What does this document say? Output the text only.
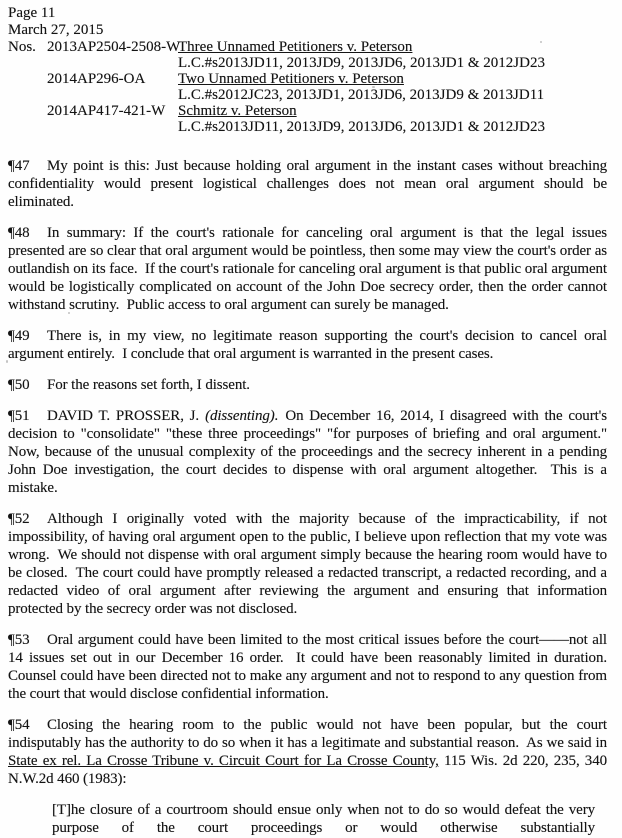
Page 11
March 27, 2015
Nos. 2013AP2504-2508-W
Three Unnamed Petitioners v. Peterson
L.C.#s2013JD11, 2013JD9, 2013JD6, 2013JD1 & 2012JD23
2014AP296-OA	Two Unnamed Petitioners v. Peterson
L.C.#s2012JC23, 2013JD1, 2013JD6, 2013JD9 & 2013JD11
2014AP417-421-W Schmitz v. Peterson
L.C.#s2013JD11, 2013JD9, 2013JD6, 2013JD1 & 2012JD23

¶47 My point is this: Just because holding oral argument in the instant cases without breaching confidentiality would present logistical challenges does not mean oral argument should be eliminated.

¶48 In summary: If the court's rationale for canceling oral argument is that the legal issues presented are so clear that oral argument would be pointless, then some may view the court's order as outlandish on its face.  If the court's rationale for canceling oral argument is that public oral argument would be logistically complicated on account of the John Doe secrecy order, then the order cannot withstand scrutiny.  Public access to oral argument can surely be managed.

¶49 There is, in my view, no legitimate reason supporting the court's decision to cancel oral argument entirely.  I conclude that oral argument is warranted in the present cases.

¶50 For the reasons set forth, I dissent.

¶51 DAVID T. PROSSER, J. (dissenting). On December 16, 2014, I disagreed with the court's decision to "consolidate" "these three proceedings" "for purposes of briefing and oral argument."  Now, because of the unusual complexity of the proceedings and the secrecy inherent in a pending John Doe investigation, the court decides to dispense with oral argument altogether.  This is a mistake.

¶52 Although I originally voted with the majority because of the impracticability, if not impossibility, of having oral argument open to the public, I believe upon reflection that my vote was wrong.  We should not dispense with oral argument simply because the hearing room would have to be closed.  The court could have promptly released a redacted transcript, a redacted recording, and a redacted video of oral argument after reviewing the argument and ensuring that information protected by the secrecy order was not disclosed.

¶53 Oral argument could have been limited to the most critical issues before the court——not all 14 issues set out in our December 16 order.  It could have been reasonably limited in duration.  Counsel could have been directed not to make any argument and not to respond to any question from the court that would disclose confidential information.

¶54 Closing the hearing room to the public would not have been popular, but the court indisputably has the authority to do so when it has a legitimate and substantial reason.  As we said in State ex rel. La Crosse Tribune v. Circuit Court for La Crosse County, 115 Wis. 2d 220, 235, 340 N.W.2d 460 (1983):

[T]he closure of a courtroom should ensue only when not to do so would defeat the very purpose of the court proceedings or would otherwise substantially
